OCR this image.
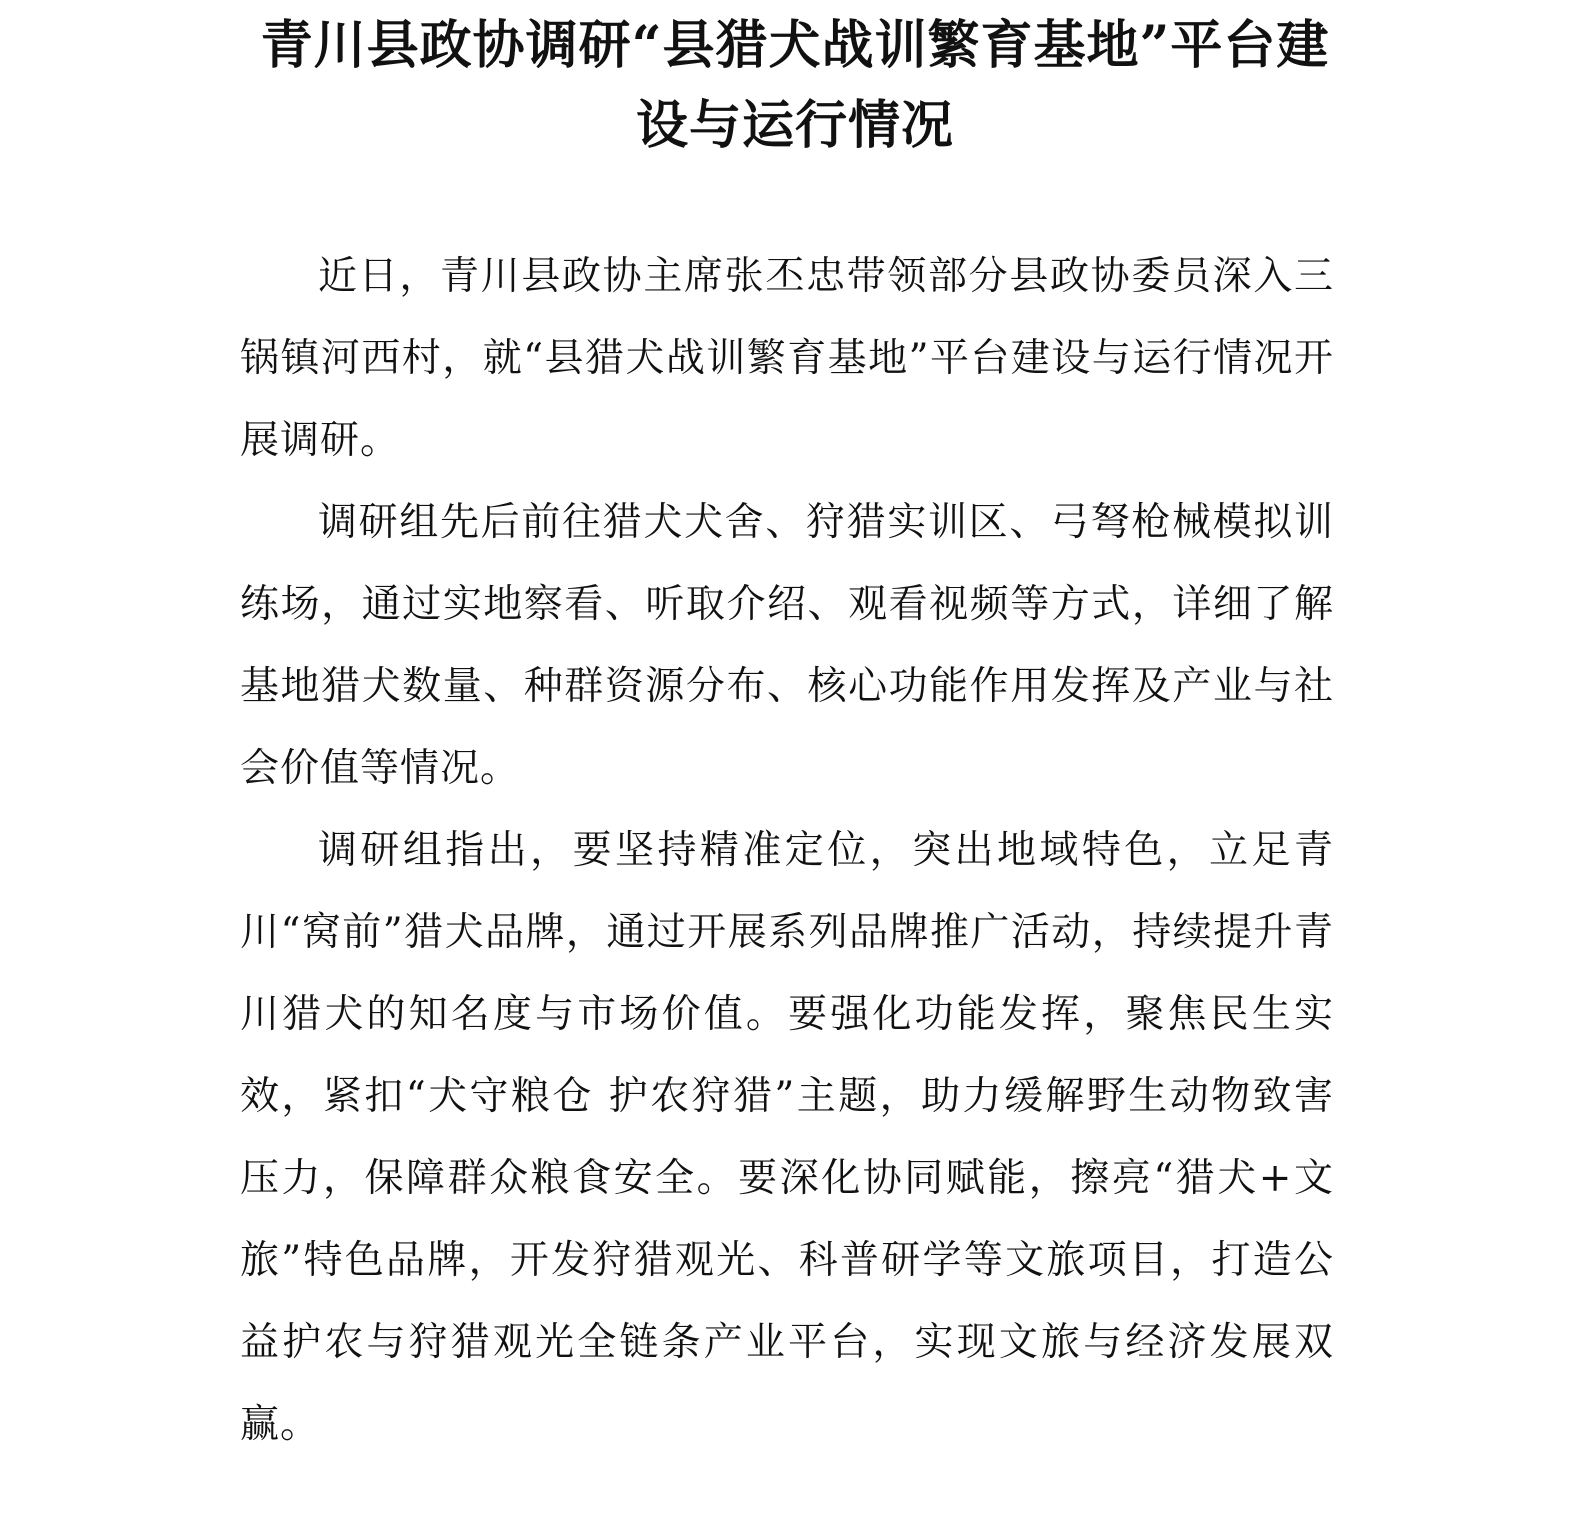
青川县政协调研“县猎犬战训繁育基地”平台建设与运行情况

近日，青川县政协主席张丕忠带领部分县政协委员深入三锅镇河西村，就“县猎犬战训繁育基地”平台建设与运行情况开展调研。

调研组先后前往猎犬犬舍、狩猎实训区、弓弩枪械模拟训练场，通过实地察看、听取介绍、观看视频等方式，详细了解基地猎犬数量、种群资源分布、核心功能作用发挥及产业与社会价值等情况。

调研组指出，要坚持精准定位，突出地域特色，立足青川“窝前”猎犬品牌，通过开展系列品牌推广活动，持续提升青川猎犬的知名度与市场价值。要强化功能发挥，聚焦民生实效，紧扣“犬守粮仓 护农狩猎”主题，助力缓解野生动物致害压力，保障群众粮食安全。要深化协同赋能，擦亮“猎犬+文旅”特色品牌，开发狩猎观光、科普研学等文旅项目，打造公益护农与狩猎观光全链条产业平台，实现文旅与经济发展双赢。
